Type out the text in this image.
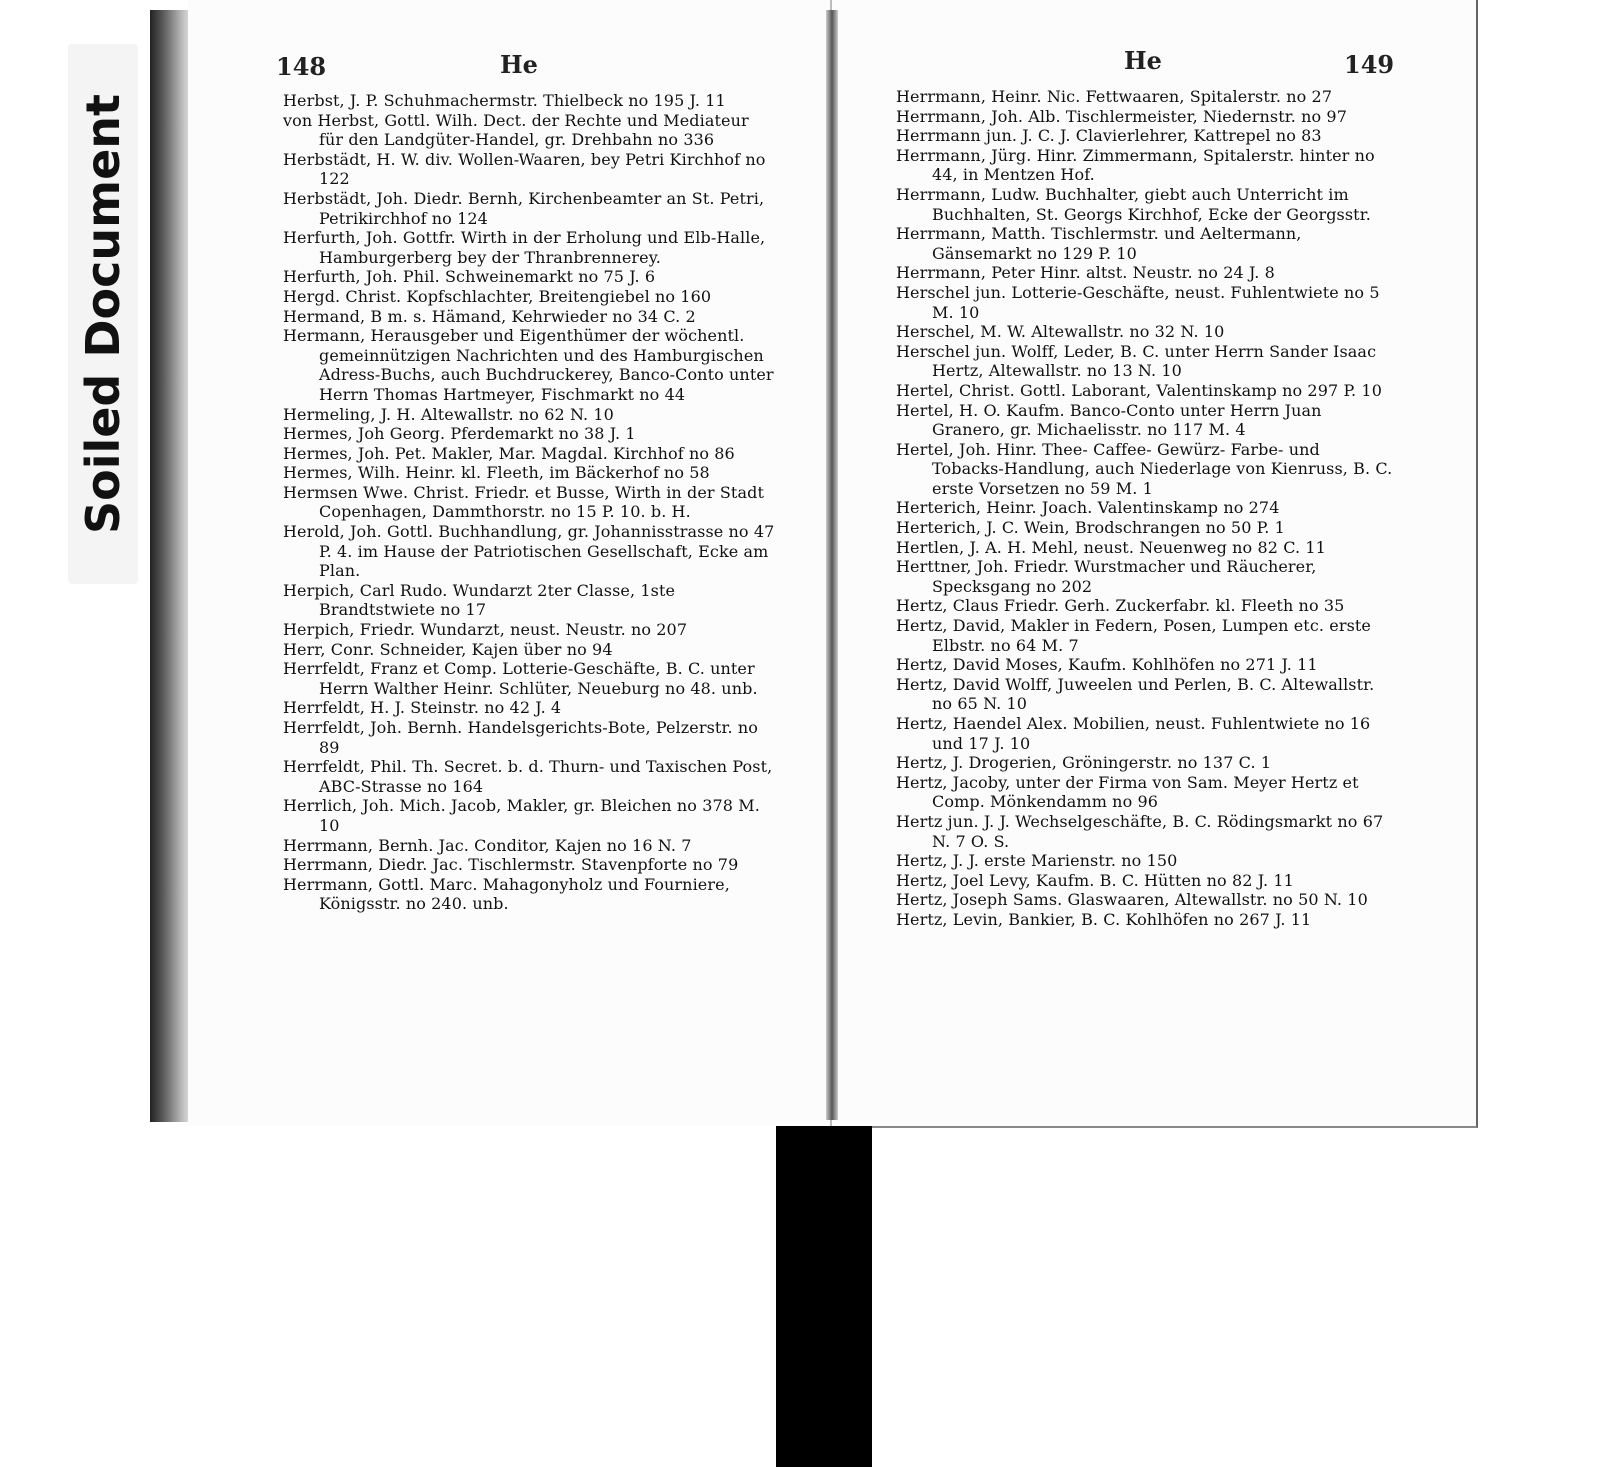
Soiled Document
148	He	He	149

Herbst, J. P. Schuhmachermstr. Thielbeck no 195 J. 11

von Herbst, Gottl. Wilh. Dect. der Rechte und Mediateur für den Landgüter-Handel, gr. Drehbahn no 336

Herbstädt, H. W. div. Wollen-Waaren, bey Petri Kirchhof no 122

Herbstädt, Joh. Diedr. Bernh, Kirchenbeamter an St. Petri, Petrikirchhof no 124

Herfurth, Joh. Gottfr. Wirth in der Erholung und Elb-Halle, Hamburgerberg bey der Thranbrennerey.

Herfurth, Joh. Phil. Schweinemarkt no 75 J. 6

Hergd. Christ. Kopfschlachter, Breitengiebel no 160

Hermand, B m. s. Hämand, Kehrwieder no 34 C. 2

Hermann, Herausgeber und Eigenthümer der wöchentl. gemeinnützigen Nachrichten und des Hamburgischen Adress-Buchs, auch Buchdruckerey, Banco-Conto unter Herrn Thomas Hartmeyer, Fischmarkt no 44

Hermeling, J. H. Altewallstr. no 62 N. 10

Hermes, Joh Georg. Pferdemarkt no 38 J. 1

Hermes, Joh. Pet. Makler, Mar. Magdal. Kirchhof no 86

Hermes, Wilh. Heinr. kl. Fleeth, im Bäckerhof no 58

Hermsen Wwe. Christ. Friedr. et Busse, Wirth in der Stadt Copenhagen, Dammthorstr. no 15 P. 10. b. H.

Herold, Joh. Gottl. Buchhandlung, gr. Johannisstrasse no 47 P. 4. im Hause der Patriotischen Gesellschaft, Ecke am Plan.

Herpich, Carl Rudo. Wundarzt 2ter Classe, 1ste Brandtstwiete no 17

Herpich, Friedr. Wundarzt, neust. Neustr. no 207

Herr, Conr. Schneider, Kajen über no 94

Herrfeldt, Franz et Comp. Lotterie-Geschäfte, B. C. unter Herrn Walther Heinr. Schlüter, Neueburg no 48. unb.

Herrfeldt, H. J. Steinstr. no 42 J. 4

Herrfeldt, Joh. Bernh. Handelsgerichts-Bote, Pelzerstr. no 89

Herrfeldt, Phil. Th. Secret. b. d. Thurn- und Taxischen Post, ABC-Strasse no 164

Herrlich, Joh. Mich. Jacob, Makler, gr. Bleichen no 378 M. 10

Herrmann, Bernh. Jac. Conditor, Kajen no 16 N. 7

Herrmann, Diedr. Jac. Tischlermstr. Stavenpforte no 79

Herrmann, Gottl. Marc. Mahagonyholz und Fourniere, Königsstr. no 240. unb.

Herrmann, Heinr. Nic. Fettwaaren, Spitalerstr. no 27

Herrmann, Joh. Alb. Tischlermeister, Niedernstr. no 97

Herrmann jun. J. C. J. Clavierlehrer, Kattrepel no 83

Herrmann, Jürg. Hinr. Zimmermann, Spitalerstr. hinter no 44, in Mentzen Hof.

Herrmann, Ludw. Buchhalter, giebt auch Unterricht im Buchhalten, St. Georgs Kirchhof, Ecke der Georgsstr.

Herrmann, Matth. Tischlermstr. und Aeltermann, Gänsemarkt no 129 P. 10

Herrmann, Peter Hinr. altst. Neustr. no 24 J. 8

Herschel jun. Lotterie-Geschäfte, neust. Fuhlentwiete no 5 M. 10

Herschel, M. W. Altewallstr. no 32 N. 10

Herschel jun. Wolff, Leder, B. C. unter Herrn Sander Isaac Hertz, Altewallstr. no 13 N. 10

Hertel, Christ. Gottl. Laborant, Valentinskamp no 297 P. 10

Hertel, H. O. Kaufm. Banco-Conto unter Herrn Juan Granero, gr. Michaelisstr. no 117 M. 4

Hertel, Joh. Hinr. Thee- Caffee- Gewürz- Farbe- und Tobacks-Handlung, auch Niederlage von Kienruss, B. C. erste Vorsetzen no 59 M. 1

Herterich, Heinr. Joach. Valentinskamp no 274

Herterich, J. C. Wein, Brodschrangen no 50 P. 1

Hertlen, J. A. H. Mehl, neust. Neuenweg no 82 C. 11

Herttner, Joh. Friedr. Wurstmacher und Räucherer, Specksgang no 202

Hertz, Claus Friedr. Gerh. Zuckerfabr. kl. Fleeth no 35

Hertz, David, Makler in Federn, Posen, Lumpen etc. erste Elbstr. no 64 M. 7

Hertz, David Moses, Kaufm. Kohlhöfen no 271 J. 11

Hertz, David Wolff, Juweelen und Perlen, B. C. Altewallstr. no 65 N. 10

Hertz, Haendel Alex. Mobilien, neust. Fuhlentwiete no 16 und 17 J. 10

Hertz, J. Drogerien, Gröningerstr. no 137 C. 1

Hertz, Jacoby, unter der Firma von Sam. Meyer Hertz et Comp. Mönkendamm no 96

Hertz jun. J. J. Wechselgeschäfte, B. C. Rödingsmarkt no 67 N. 7 O. S.

Hertz, J. J. erste Marienstr. no 150

Hertz, Joel Levy, Kaufm. B. C. Hütten no 82 J. 11

Hertz, Joseph Sams. Glaswaaren, Altewallstr. no 50 N. 10

Hertz, Levin, Bankier, B. C. Kohlhöfen no 267 J. 11
